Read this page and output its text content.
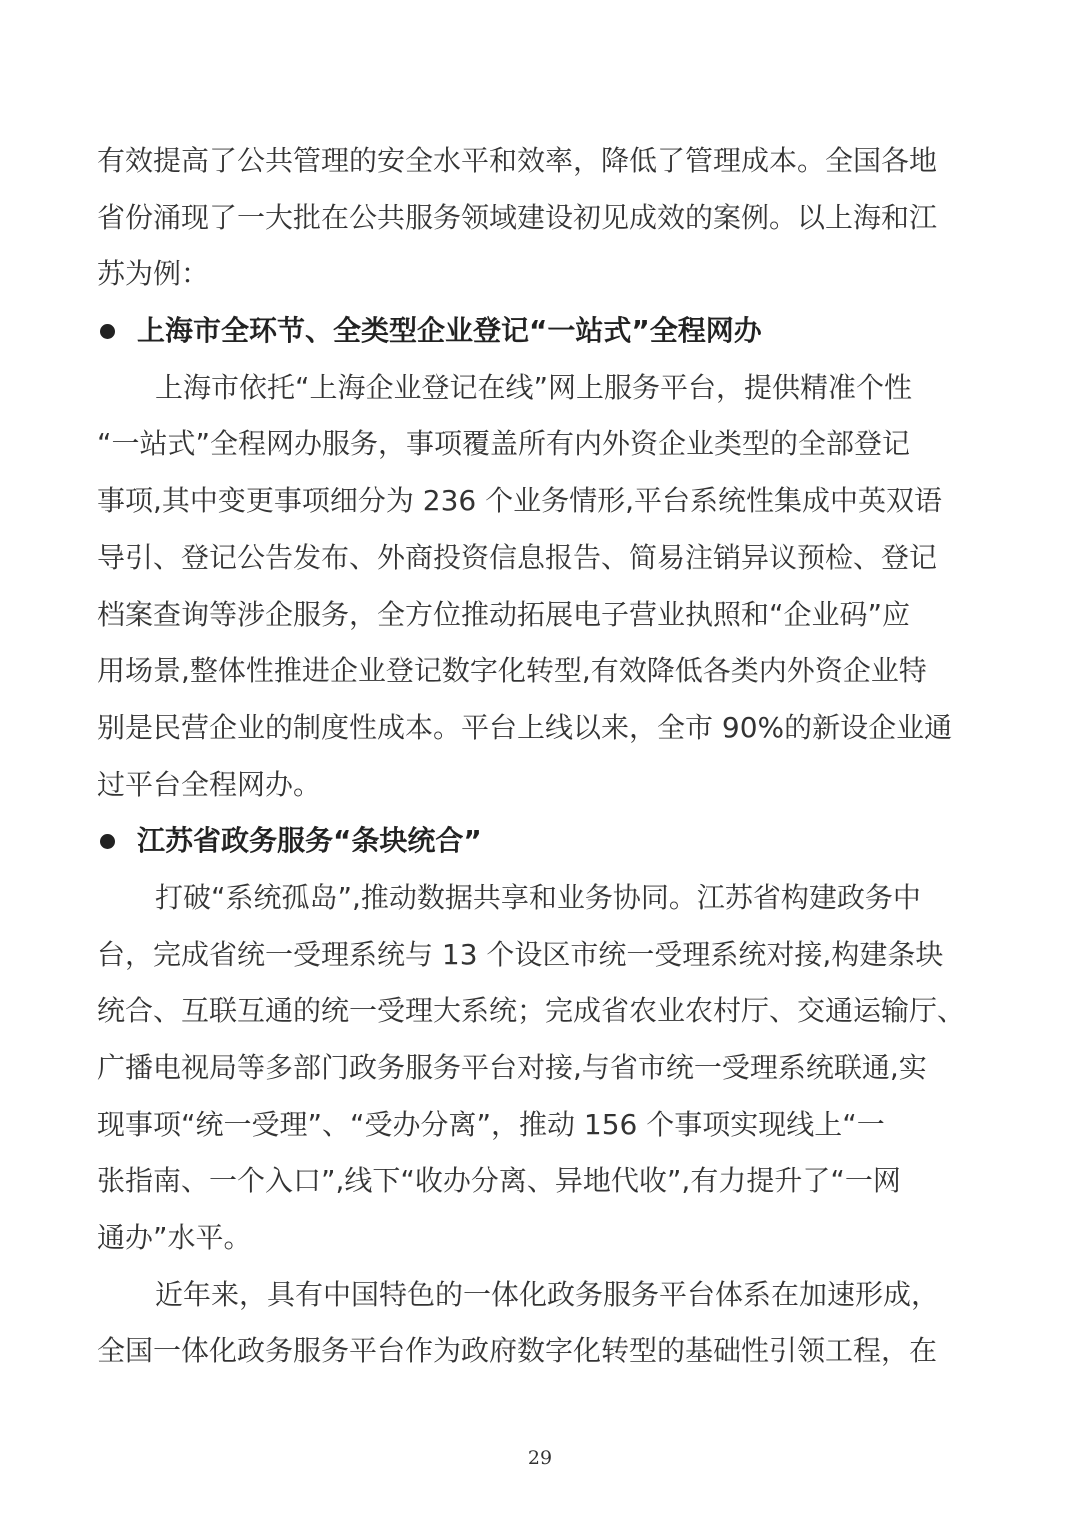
有效提高了公共管理的安全水平和效率，降低了管理成本。全国各地
省份涌现了一大批在公共服务领域建设初见成效的案例。以上海和江
苏为例：
上海市全环节、全类型企业登记“一站式”全程网办
上海市依托“上海企业登记在线”网上服务平台，提供精准个性
“一站式”全程网办服务，事项覆盖所有内外资企业类型的全部登记
事项,其中变更事项细分为 236 个业务情形,平台系统性集成中英双语
导引、登记公告发布、外商投资信息报告、简易注销异议预检、登记
档案查询等涉企服务，全方位推动拓展电子营业执照和“企业码”应
用场景,整体性推进企业登记数字化转型,有效降低各类内外资企业特
别是民营企业的制度性成本。平台上线以来，全市 90%的新设企业通
过平台全程网办。
江苏省政务服务“条块统合”
打破“系统孤岛”,推动数据共享和业务协同。江苏省构建政务中
台，完成省统一受理系统与 13 个设区市统一受理系统对接,构建条块
统合、互联互通的统一受理大系统；完成省农业农村厅、交通运输厅、
广播电视局等多部门政务服务平台对接,与省市统一受理系统联通,实
现事项“统一受理”、“受办分离”，推动 156 个事项实现线上“一
张指南、一个入口”,线下“收办分离、异地代收”,有力提升了“一网
通办”水平。
近年来，具有中国特色的一体化政务服务平台体系在加速形成，
全国一体化政务服务平台作为政府数字化转型的基础性引领工程，在
29
